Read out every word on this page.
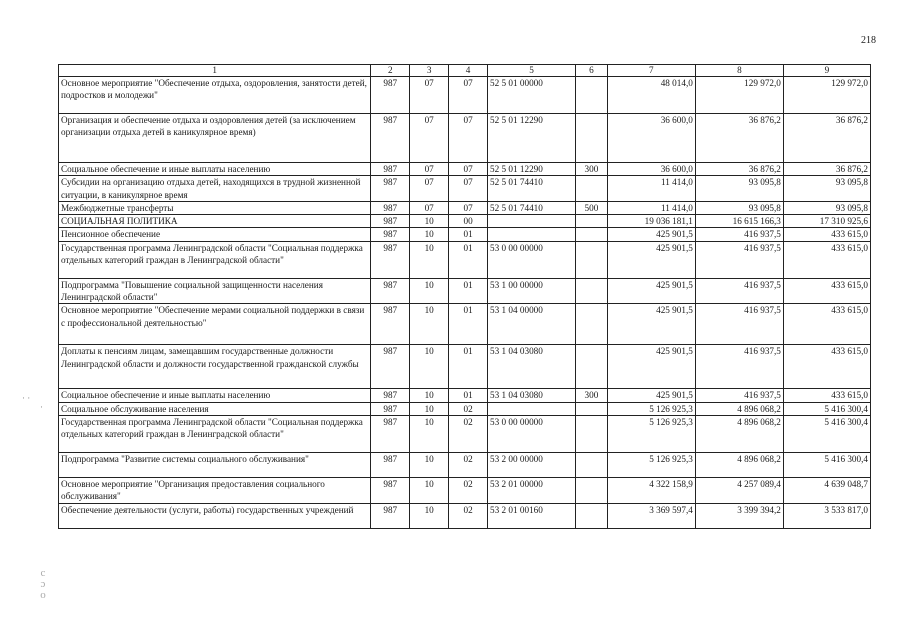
218
· ·
·
c
ɔ
o
1	2	3	4	5	6	7	8	9
Основное мероприятие "Обеспечение отдыха, оздоровления, занятости детей, подростков и молодежи"	987	07	07	52 5 01 00000		48 014,0	129 972,0	129 972,0
Организация и обеспечение отдыха и оздоровления детей (за исключением организации отдыха детей в каникулярное время)	987	07	07	52 5 01 12290		36 600,0	36 876,2	36 876,2
Социальное обеспечение и иные выплаты населению	987	07	07	52 5 01 12290	300	36 600,0	36 876,2	36 876,2
Субсидии на организацию отдыха детей, находящихся в трудной жизненной ситуации, в каникулярное время	987	07	07	52 5 01 74410		11 414,0	93 095,8	93 095,8
Межбюджетные трансферты	987	07	07	52 5 01 74410	500	11 414,0	93 095,8	93 095,8
СОЦИАЛЬНАЯ ПОЛИТИКА	987	10	00			19 036 181,1	16 615 166,3	17 310 925,6
Пенсионное обеспечение	987	10	01			425 901,5	416 937,5	433 615,0
Государственная программа Ленинградской области "Социальная поддержка отдельных категорий граждан в Ленинградской области"	987	10	01	53 0 00 00000		425 901,5	416 937,5	433 615,0
Подпрограмма "Повышение социальной защищенности населения Ленинградской области"	987	10	01	53 1 00 00000		425 901,5	416 937,5	433 615,0
Основное мероприятие "Обеспечение мерами социальной поддержки в связи с профессиональной деятельностью"	987	10	01	53 1 04 00000		425 901,5	416 937,5	433 615,0
Доплаты к пенсиям лицам, замещавшим государственные должности Ленинградской области и должности государственной гражданской службы	987	10	01	53 1 04 03080		425 901,5	416 937,5	433 615,0
Социальное обеспечение и иные выплаты населению	987	10	01	53 1 04 03080	300	425 901,5	416 937,5	433 615,0
Социальное обслуживание населения	987	10	02			5 126 925,3	4 896 068,2	5 416 300,4
Государственная программа Ленинградской области "Социальная поддержка отдельных категорий граждан в Ленинградской области"	987	10	02	53 0 00 00000		5 126 925,3	4 896 068,2	5 416 300,4
Подпрограмма "Развитие системы социального обслуживания"	987	10	02	53 2 00 00000		5 126 925,3	4 896 068,2	5 416 300,4
Основное мероприятие "Организация предоставления социального обслуживания"	987	10	02	53 2 01 00000		4 322 158,9	4 257 089,4	4 639 048,7
Обеспечение деятельности (услуги, работы) государственных учреждений	987	10	02	53 2 01 00160		3 369 597,4	3 399 394,2	3 533 817,0
